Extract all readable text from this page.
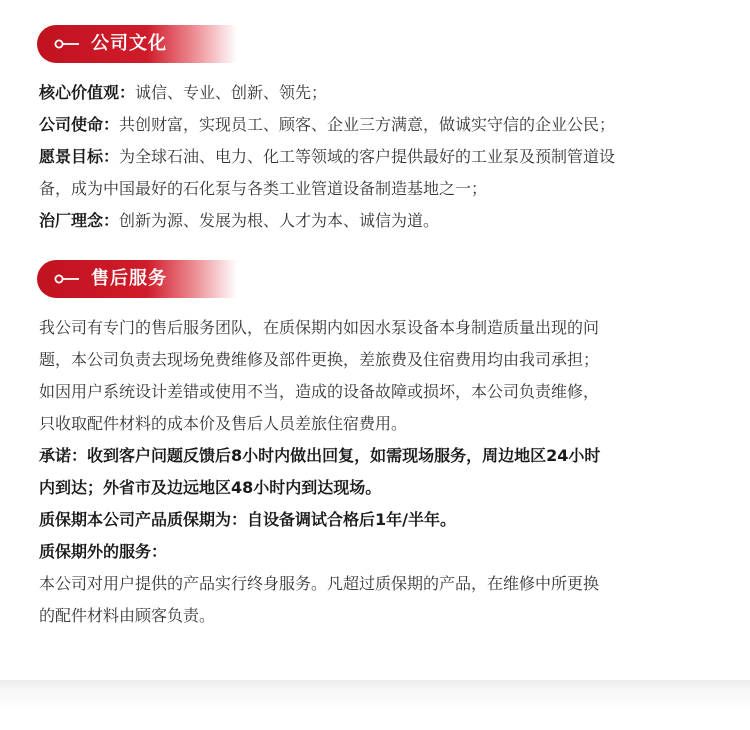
公司文化

核心价值观：诚信、专业、创新、领先；

公司使命：共创财富，实现员工、顾客、企业三方满意，做诚实守信的企业公民；

愿景目标：为全球石油、电力、化工等领域的客户提供最好的工业泵及预制管道设

备，成为中国最好的石化泵与各类工业管道设备制造基地之一；

治厂理念：创新为源、发展为根、人才为本、诚信为道。

售后服务

我公司有专门的售后服务团队，在质保期内如因水泵设备本身制造质量出现的问

题，本公司负责去现场免费维修及部件更换，差旅费及住宿费用均由我司承担；

如因用户系统设计差错或使用不当，造成的设备故障或损坏，本公司负责维修，

只收取配件材料的成本价及售后人员差旅住宿费用。

承诺：收到客户问题反馈后8小时内做出回复，如需现场服务，周边地区24小时

内到达；外省市及边远地区48小时内到达现场。

质保期本公司产品质保期为：自设备调试合格后1年/半年。

质保期外的服务：

本公司对用户提供的产品实行终身服务。凡超过质保期的产品，在维修中所更换

的配件材料由顾客负责。
